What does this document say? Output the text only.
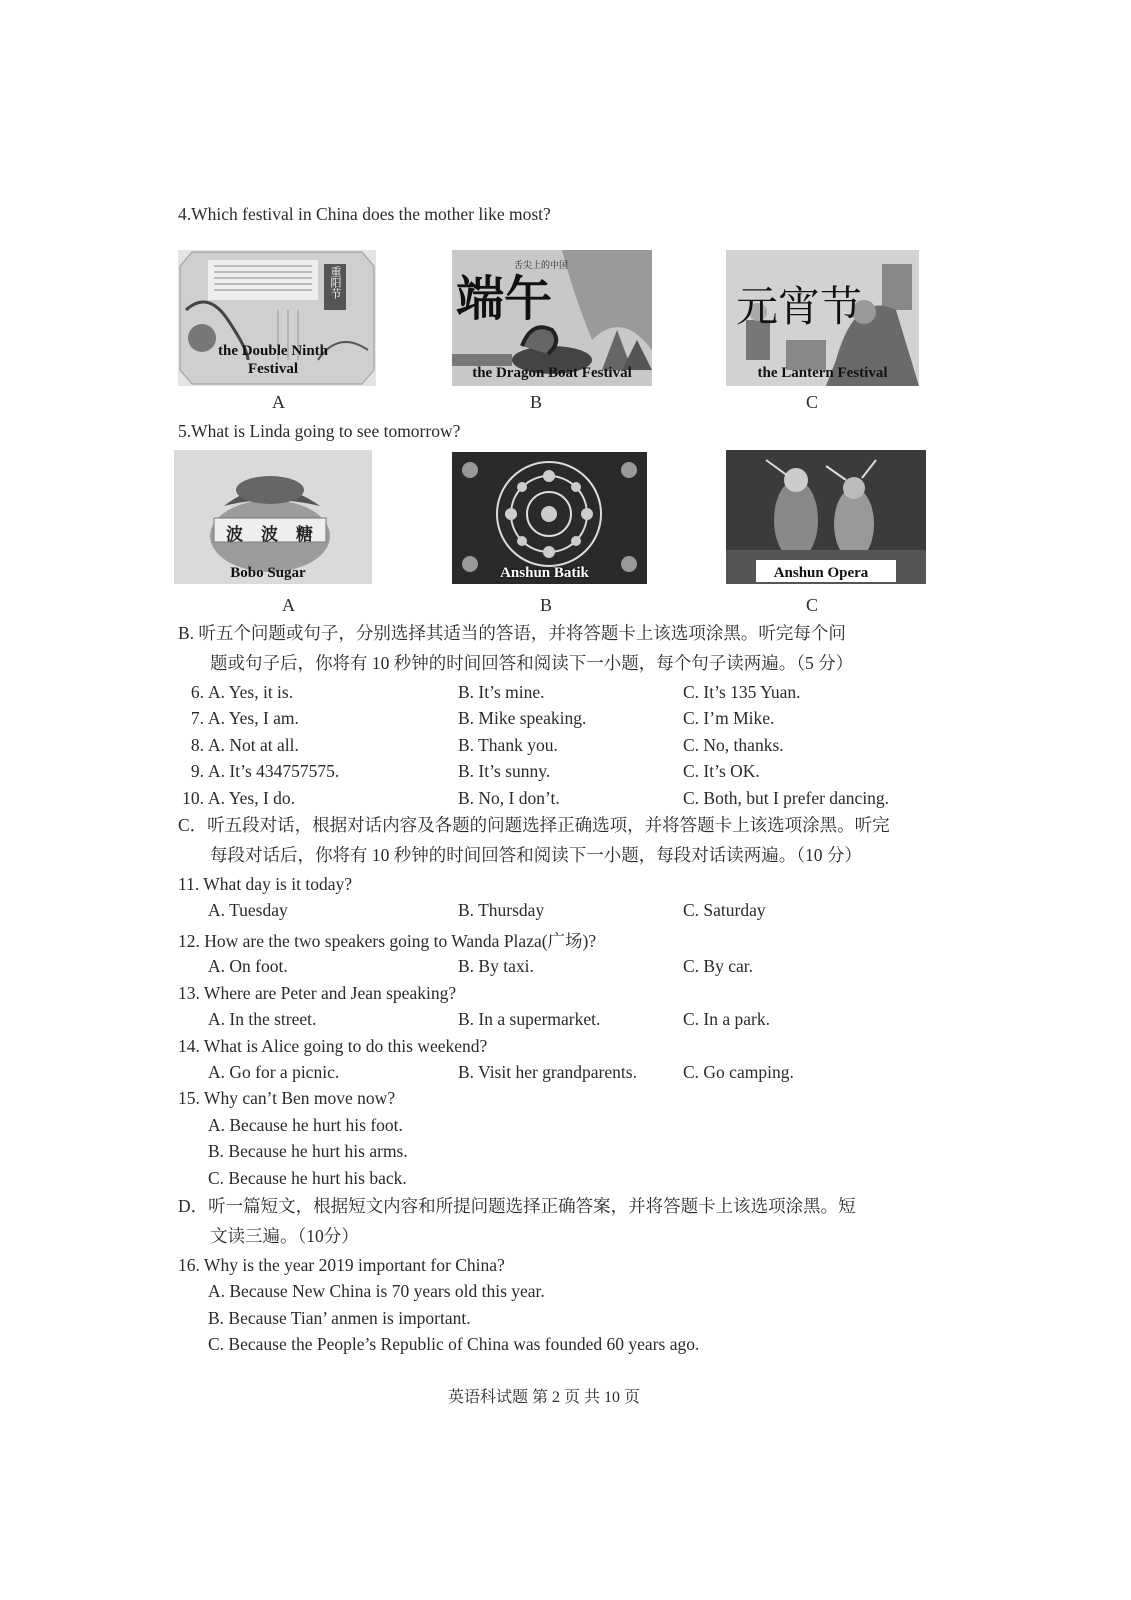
4.Which festival in China does the mother like most?
重阳节
the Double Ninth
Festival
A
端午
舌尖上的中国
the Dragon Boat Festival
B
元宵节
the Lantern Festival
C
5.What is Linda going to see tomorrow?
波波糖
Bobo Sugar
A
Anshun Batik
B
Anshun Opera
C
B. 听五个问题或句子，分别选择其适当的答语，并将答题卡上该选项涂黑。听完每个问
题或句子后，你将有 10 秒钟的时间回答和阅读下一小题，每个句子读两遍。（5 分）
6. A. Yes, it is.	B. It’s mine.	C. It’s 135 Yuan.
7. A. Yes, I am.	B. Mike speaking.	C. I’m Mike.
8. A. Not at all.	B. Thank you.	C. No, thanks.
9. A. It’s 434757575.	B. It’s sunny.	C. It’s OK.
10. A. Yes, I do.	B. No, I don’t.	C. Both, but I prefer dancing.
C．听五段对话，根据对话内容及各题的问题选择正确选项，并将答题卡上该选项涂黑。听完
每段对话后，你将有 10 秒钟的时间回答和阅读下一小题，每段对话读两遍。（10 分）
11. What day is it today?
A. Tuesday	B. Thursday	C. Saturday
12. How are the two speakers going to Wanda Plaza(广场)?
A. On foot.	B. By taxi.	C. By car.
13. Where are Peter and Jean speaking?
A. In the street.	B. In a supermarket.	C. In a park.
14. What is Alice going to do this weekend?
A. Go for a picnic.	B. Visit her grandparents.	C. Go camping.
15. Why can’t Ben move now?
A. Because he hurt his foot.
B. Because he hurt his arms.
C. Because he hurt his back.
D．听一篇短文，根据短文内容和所提问题选择正确答案，并将答题卡上该选项涂黑。短
文读三遍。（10分）
16. Why is the year 2019 important for China?
A. Because New China is 70 years old this year.
B. Because Tian’ anmen is important.
C. Because the People’s Republic of China was founded 60 years ago.
英语科试题 第 2 页 共 10 页
